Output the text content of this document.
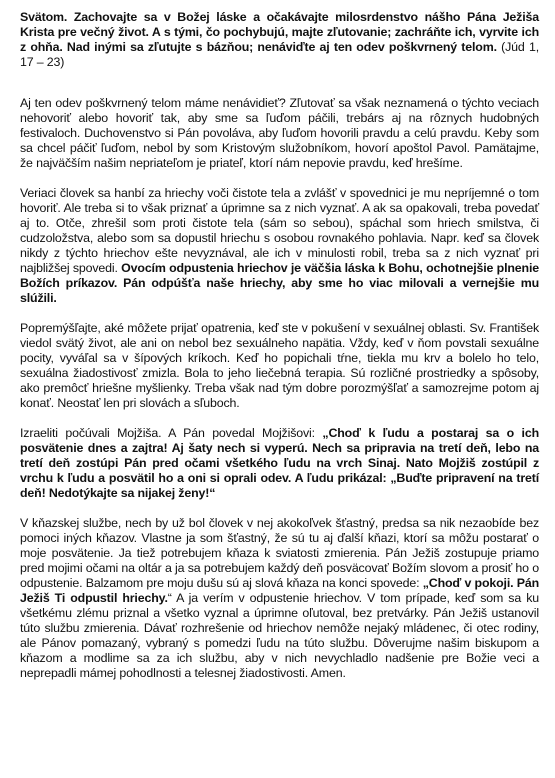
Svätom. Zachovajte sa v Božej láske a očakávajte milosrdenstvo nášho Pána Ježiša Krista pre večný život. A s tými, čo pochybujú, majte zľutovanie; zachráňte ich, vyrvite ich z ohňa. Nad inými sa zľutujte s bázňou; nenáviďte aj ten odev poškvrnený telom. (Júd 1, 17 – 23)

Aj ten odev poškvrnený telom máme nenávidieť? Zľutovať sa však neznamená o týchto veciach nehovoriť alebo hovoriť tak, aby sme sa ľuďom páčili, trebárs aj na rôznych hudobných festivaloch. Duchovenstvo si Pán povoláva, aby ľuďom hovorili pravdu a celú pravdu. Keby som sa chcel páčiť ľuďom, nebol by som Kristovým služobníkom, hovorí apoštol Pavol. Pamätajme, že najväčším našim nepriateľom je priateľ, ktorí nám nepovie pravdu, keď hrešíme.

Veriaci človek sa hanbí za hriechy voči čistote tela a zvlášť v spovednici je mu nepríjemné o tom hovoriť. Ale treba si to však priznať a úprimne sa z nich vyznať. A ak sa opakovali, treba povedať aj to. Otče, zhrešil som proti čistote tela (sám so sebou), spáchal som hriech smilstva, či cudzoložstva, alebo som sa dopustil hriechu s osobou rovnakého pohlavia. Napr. keď sa človek nikdy z týchto hriechov ešte nevyznával, ale ich v minulosti robil, treba sa z nich vyznať pri najbližšej spovedi. Ovocím odpustenia hriechov je väčšia láska k Bohu, ochotnejšie plnenie Božích príkazov. Pán odpúšťa naše hriechy, aby sme ho viac milovali a vernejšie mu slúžili.

Popremýšľajte, aké môžete prijať opatrenia, keď ste v pokušení v sexuálnej oblasti. Sv. František viedol svätý život, ale ani on nebol bez sexuálneho napätia. Vždy, keď v ňom povstali sexuálne pocity, vyváľal sa v šípových kríkoch. Keď ho popichali tŕne, tiekla mu krv a bolelo ho telo, sexuálna žiadostivosť zmizla. Bola to jeho liečebná terapia. Sú rozličné prostriedky a spôsoby, ako premôcť hriešne myšlienky. Treba však nad tým dobre porozmýšľať a samozrejme potom aj konať. Neostať len pri slovách a sľuboch.

Izraeliti počúvali Mojžiša. A Pán povedal Mojžišovi: „Choď k ľudu a postaraj sa o ich posvätenie dnes a zajtra! Aj šaty nech si vyperú. Nech sa pripravia na tretí deň, lebo na tretí deň zostúpi Pán pred očami všetkého ľudu na vrch Sinaj. Nato Mojžiš zostúpil z vrchu k ľudu a posvätil ho a oni si oprali odev. A ľudu prikázal: „Buďte pripravení na tretí deň! Nedotýkajte sa nijakej ženy!“

V kňazskej službe, nech by už bol človek v nej akokoľvek šťastný, predsa sa nik nezaobíde bez pomoci iných kňazov. Vlastne ja som šťastný, že sú tu aj ďalší kňazi, ktorí sa môžu postarať o moje posvätenie. Ja tiež potrebujem kňaza k sviatosti zmierenia. Pán Ježiš zostupuje priamo pred mojimi očami na oltár a ja sa potrebujem každý deň posväcovať Božím slovom a prosiť ho o odpustenie. Balzamom pre moju dušu sú aj slová kňaza na konci spovede: „Choď v pokoji. Pán Ježiš Ti odpustil hriechy.“ A ja verím v odpustenie hriechov. V tom prípade, keď som sa ku všetkému zlému priznal a všetko vyznal a úprimne oľutoval, bez pretvárky. Pán Ježiš ustanovil túto službu zmierenia. Dávať rozhrešenie od hriechov nemôže nejaký mládenec, či otec rodiny, ale Pánov pomazaný, vybraný s pomedzi ľudu na túto službu. Dôverujme našim biskupom a kňazom a modlime sa za ich službu, aby v nich nevychladlo nadšenie pre Božie veci a neprepadli mámej pohodlnosti a telesnej žiadostivosti. Amen.
